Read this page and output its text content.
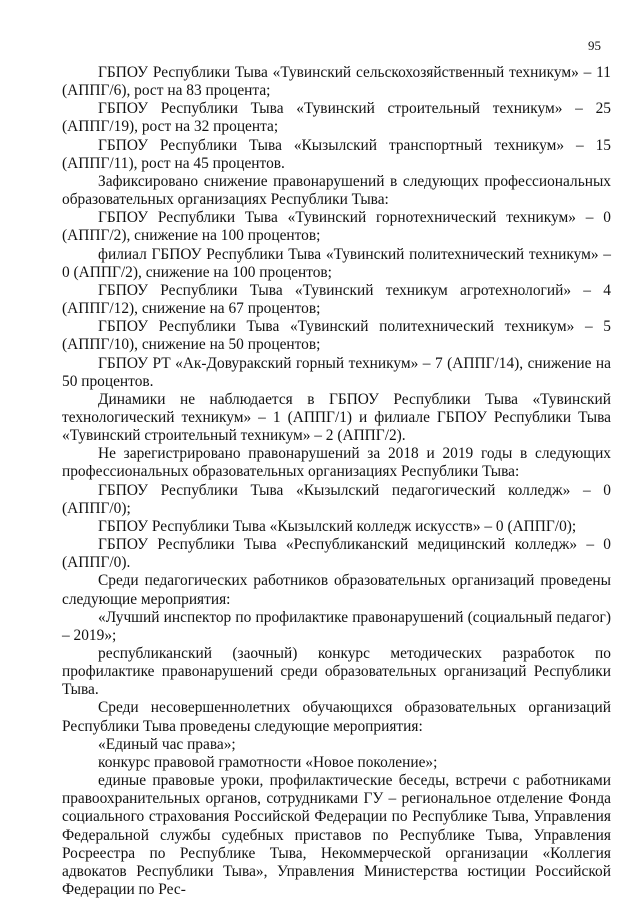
95

ГБПОУ Республики Тыва «Тувинский сельскохозяйственный техникум» – 11 (АППГ/6), рост на 83 процента;

ГБПОУ Республики Тыва «Тувинский строительный техникум» – 25 (АППГ/19), рост на 32 процента;

ГБПОУ Республики Тыва «Кызылский транспортный техникум» – 15 (АППГ/11), рост на 45 процентов.

Зафиксировано снижение правонарушений в следующих профессиональных образовательных организациях Республики Тыва:

ГБПОУ Республики Тыва «Тувинский горнотехнический техникум» – 0 (АППГ/2), снижение на 100 процентов;

филиал ГБПОУ Республики Тыва «Тувинский политехнический техникум» – 0 (АППГ/2), снижение на 100 процентов;

ГБПОУ Республики Тыва «Тувинский техникум агротехнологий» – 4 (АППГ/12), снижение на 67 процентов;

ГБПОУ Республики Тыва «Тувинский политехнический техникум» – 5 (АППГ/10), снижение на 50 процентов;

ГБПОУ РТ «Ак-Довуракский горный техникум» – 7 (АППГ/14), снижение на 50 процентов.

Динамики не наблюдается в ГБПОУ Республики Тыва «Тувинский технологический техникум» – 1 (АППГ/1) и филиале ГБПОУ Республики Тыва «Тувинский строительный техникум» – 2 (АППГ/2).

Не зарегистрировано правонарушений за 2018 и 2019 годы в следующих профессиональных образовательных организациях Республики Тыва:

ГБПОУ Республики Тыва «Кызылский педагогический колледж» – 0 (АППГ/0);

ГБПОУ Республики Тыва «Кызылский колледж искусств» – 0 (АППГ/0);

ГБПОУ Республики Тыва «Республиканский медицинский колледж» – 0 (АППГ/0).

Среди педагогических работников образовательных организаций проведены следующие мероприятия:

«Лучший инспектор по профилактике правонарушений (социальный педагог) – 2019»;

республиканский (заочный) конкурс методических разработок по профилактике правонарушений среди образовательных организаций Республики Тыва.

Среди несовершеннолетних обучающихся образовательных организаций Республики Тыва проведены следующие мероприятия:

«Единый час права»;

конкурс правовой грамотности «Новое поколение»;

единые правовые уроки, профилактические беседы, встречи с работниками правоохранительных органов, сотрудниками ГУ – региональное отделение Фонда социального страхования Российской Федерации по Республике Тыва, Управления Федеральной службы судебных приставов по Республике Тыва, Управления Росреестра по Республике Тыва, Некоммерческой организации «Коллегия адвокатов Республики Тыва», Управления Министерства юстиции Российской Федерации по Рес-
